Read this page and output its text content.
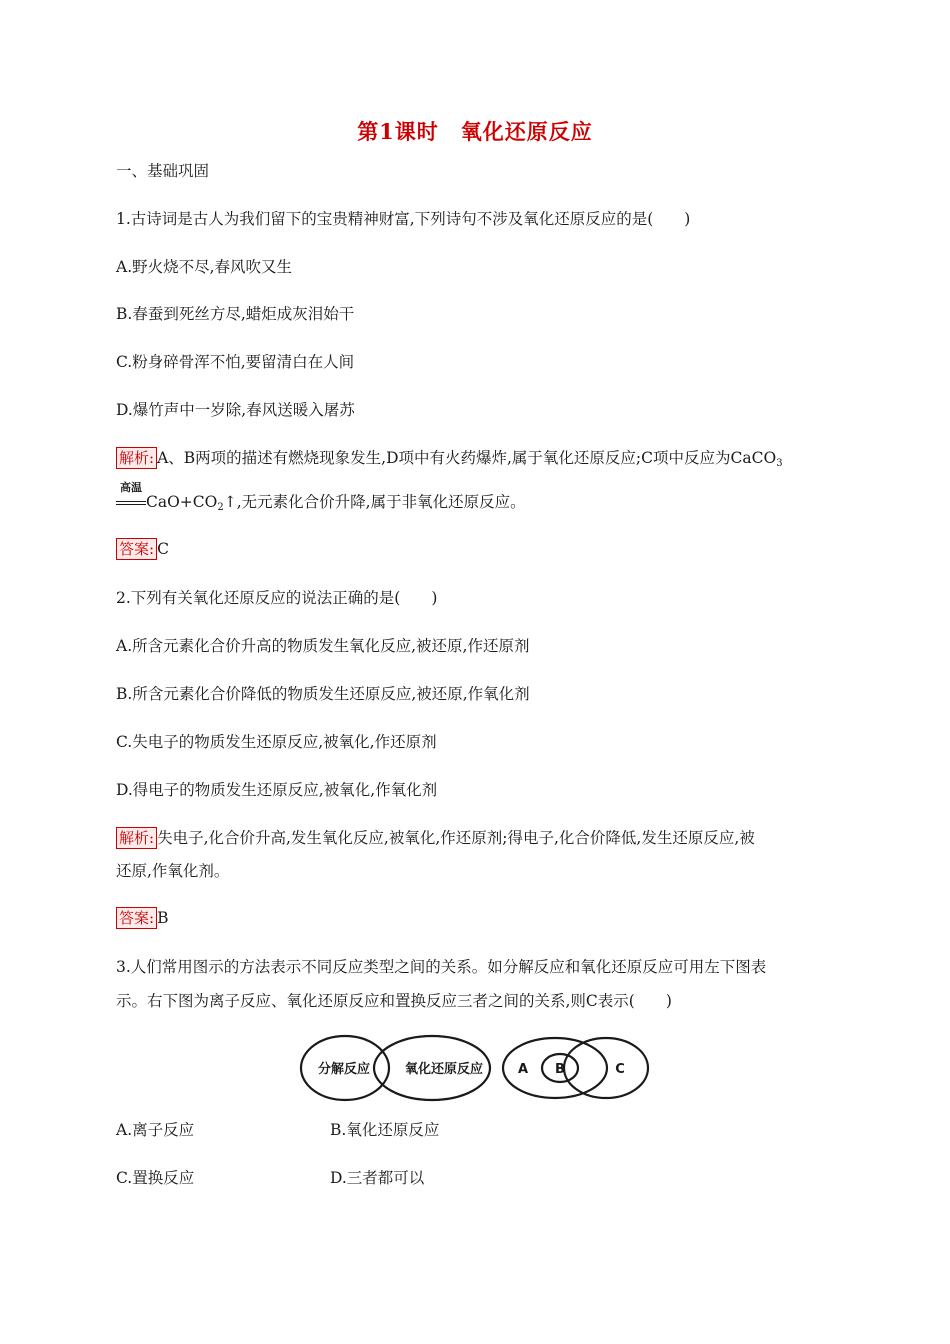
第1课时　氧化还原反应
一、基础巩固
1.古诗词是古人为我们留下的宝贵精神财富,下列诗句不涉及氧化还原反应的是(　　)
A.野火烧不尽,春风吹又生
B.春蚕到死丝方尽,蜡炬成灰泪始干
C.粉身碎骨浑不怕,要留清白在人间
D.爆竹声中一岁除,春风送暖入屠苏
解析: A、B两项的描述有燃烧现象发生,D项中有火药爆炸,属于氧化还原反应;C项中反应为CaCO$_3$
高温
$CaO+CO_2↑$,无元素化合价升降,属于非氧化还原反应。
答案: C
2.下列有关氧化还原反应的说法正确的是(　　)
A.所含元素化合价升高的物质发生氧化反应,被还原,作还原剂
B.所含元素化合价降低的物质发生还原反应,被还原,作氧化剂
C.失电子的物质发生还原反应,被氧化,作还原剂
D.得电子的物质发生还原反应,被氧化,作氧化剂
解析: 失电子,化合价升高,发生氧化反应,被氧化,作还原剂;得电子,化合价降低,发生还原反应,被
还原,作氧化剂。
答案: B
3.人们常用图示的方法表示不同反应类型之间的关系。如分解反应和氧化还原反应可用左下图表
示。右下图为离子反应、氧化还原反应和置换反应三者之间的关系,则C表示(　　)
分解反应	氧化还原反应	A B	C
A.离子反应	B.氧化还原反应
C.置换反应	D.三者都可以
